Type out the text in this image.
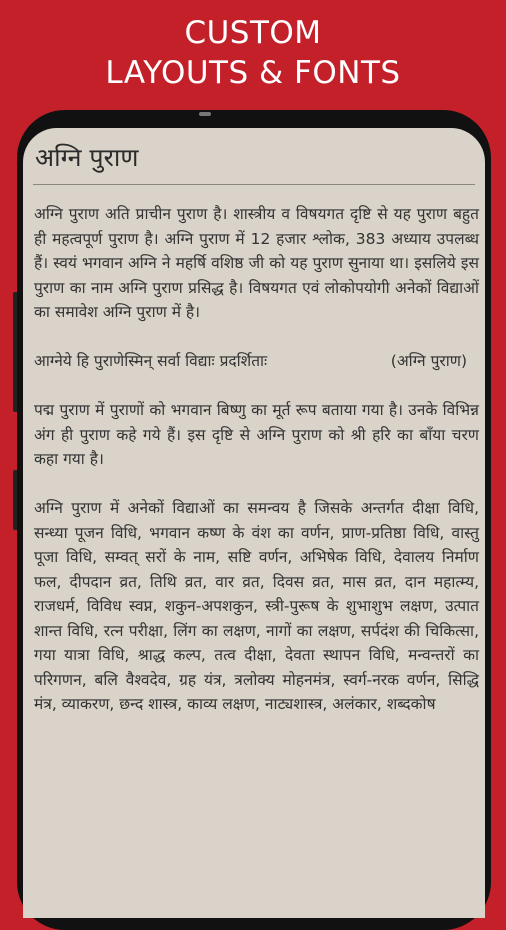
CUSTOM
LAYOUTS & FONTS
अग्नि पुराण

अग्नि पुराण अति प्राचीन पुराण है। शास्त्रीय व विषयगत दृष्टि से यह पुराण बहुत ही महत्वपूर्ण पुराण है। अग्नि पुराण में 12 हजार श्लोक, 383 अध्याय उपलब्ध हैं। स्वयं भगवान अग्नि ने महर्षि वशिष्ठ जी को यह पुराण सुनाया था। इसलिये इस पुराण का नाम अग्नि पुराण प्रसिद्ध है। विषयगत एवं लोकोपयोगी अनेकों विद्याओं का समावेश अग्नि पुराण में है।

आग्नेये हि पुराणेस्मिन् सर्वा विद्याः प्रदर्शिताः	(अग्नि पुराण)

पद्म पुराण में पुराणों को भगवान बिष्णु का मूर्त रूप बताया गया है। उनके विभिन्न अंग ही पुराण कहे गये हैं। इस दृष्टि से अग्नि पुराण को श्री हरि का बाँया चरण कहा गया है।

अग्नि पुराण में अनेकों विद्याओं का समन्वय है जिसके अन्तर्गत दीक्षा विधि, सन्ध्या पूजन विधि, भगवान कष्ण के वंश का वर्णन, प्राण-प्रतिष्ठा विधि, वास्तु पूजा विधि, सम्वत् सरों के नाम, सष्टि वर्णन, अभिषेक विधि, देवालय निर्माण फल, दीपदान व्रत, तिथि व्रत, वार व्रत, दिवस व्रत, मास व्रत, दान महात्म्य, राजधर्म, विविध स्वप्न, शकुन-अपशकुन, स्त्री-पुरूष के शुभाशुभ लक्षण, उत्पात शान्त विधि, रत्न परीक्षा, लिंग का लक्षण, नागों का लक्षण, सर्पदंश की चिकित्सा, गया यात्रा विधि, श्राद्ध कल्प, तत्व दीक्षा, देवता स्थापन विधि, मन्वन्तरों का परिगणन, बलि वैश्वदेव, ग्रह यंत्र, त्रलोक्य मोहनमंत्र, स्वर्ग-नरक वर्णन, सिद्धि मंत्र, व्याकरण, छन्द शास्त्र, काव्य लक्षण, नाट्यशास्त्र, अलंकार, शब्दकोष
